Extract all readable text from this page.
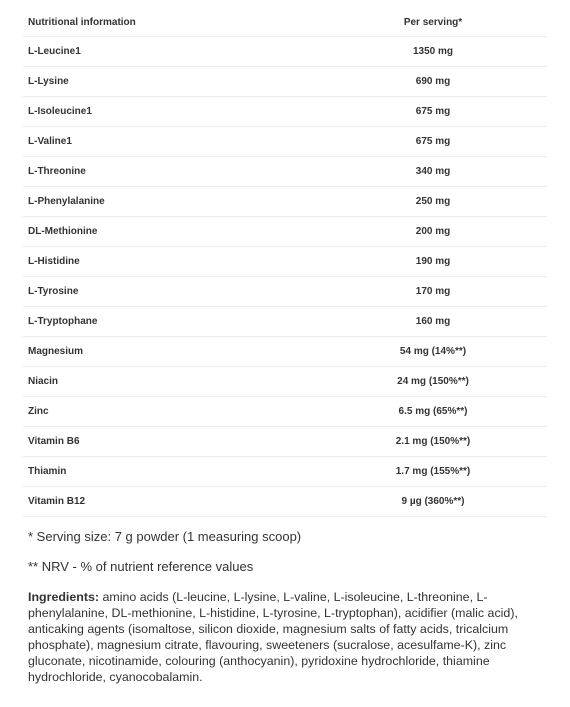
Nutritional information	Per serving*
L-Leucine1	1350 mg
L-Lysine	690 mg
L-Isoleucine1	675 mg
L-Valine1	675 mg
L-Threonine	340 mg
L-Phenylalanine	250 mg
DL-Methionine	200 mg
L-Histidine	190 mg
L-Tyrosine	170 mg
L-Tryptophane	160 mg
Magnesium	54 mg (14%**)
Niacin	24 mg (150%**)
Zinc	6.5 mg (65%**)
Vitamin B6	2.1 mg (150%**)
Thiamin	1.7 mg (155%**)
Vitamin B12	9 µg (360%**)

* Serving size: 7 g powder (1 measuring scoop)

** NRV - % of nutrient reference values

Ingredients: amino acids (L-leucine, L-lysine, L-valine, L-isoleucine, L-threonine, L-phenylalanine, DL-methionine, L-histidine, L-tyrosine, L-tryptophan), acidifier (malic acid), anticaking agents (isomaltose, silicon dioxide, magnesium salts of fatty acids, tricalcium phosphate), magnesium citrate, flavouring, sweeteners (sucralose, acesulfame-K), zinc gluconate, nicotinamide, colouring (anthocyanin), pyridoxine hydrochloride, thiamine hydrochloride, cyanocobalamin.
